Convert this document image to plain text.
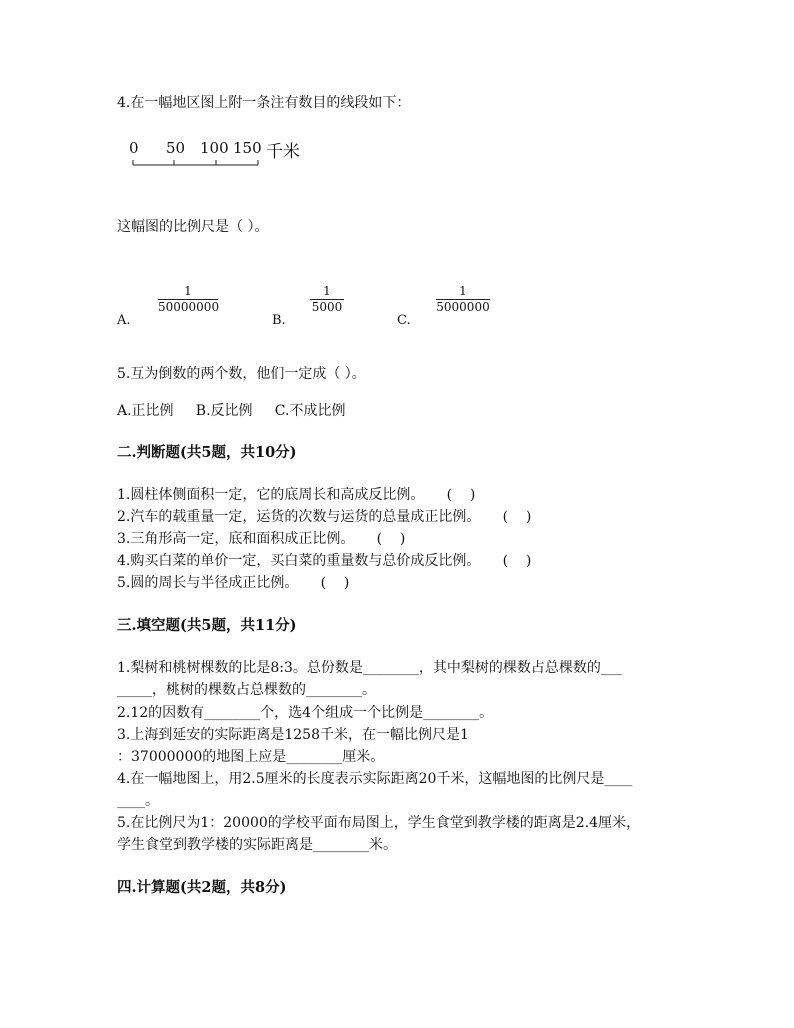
4.在一幅地区图上附一条注有数目的线段如下：
0 50 100 150 千米
这幅图的比例尺是（ ）。
A.
1
50000000
B.
1
5000
C.
1
5000000
5.互为倒数的两个数，他们一定成（ ）。
A.正比例     B.反比例     C.不成比例
二.判断题(共5题，共10分)
1.圆柱体侧面积一定，它的底周长和高成反比例。     (    )
2.汽车的载重量一定，运货的次数与运货的总量成正比例。     (    )
3.三角形高一定，底和面积成正比例。     (    )
4.购买白菜的单价一定，买白菜的重量数与总价成反比例。     (    )
5.圆的周长与半径成正比例。     (    )
三.填空题(共5题，共11分)
1.梨树和桃树棵数的比是8:3。总份数是________，其中梨树的棵数占总棵数的___
_____，桃树的棵数占总棵数的________。
2.12的因数有________个，选4个组成一个比例是________。
3.上海到延安的实际距离是1258千米，在一幅比例尺是1
：37000000的地图上应是________厘米。
4.在一幅地图上，用2.5厘米的长度表示实际距离20千米，这幅地图的比例尺是____
____。
5.在比例尺为1：20000的学校平面布局图上，学生食堂到教学楼的距离是2.4厘米，
学生食堂到教学楼的实际距离是________米。
四.计算题(共2题，共8分)
